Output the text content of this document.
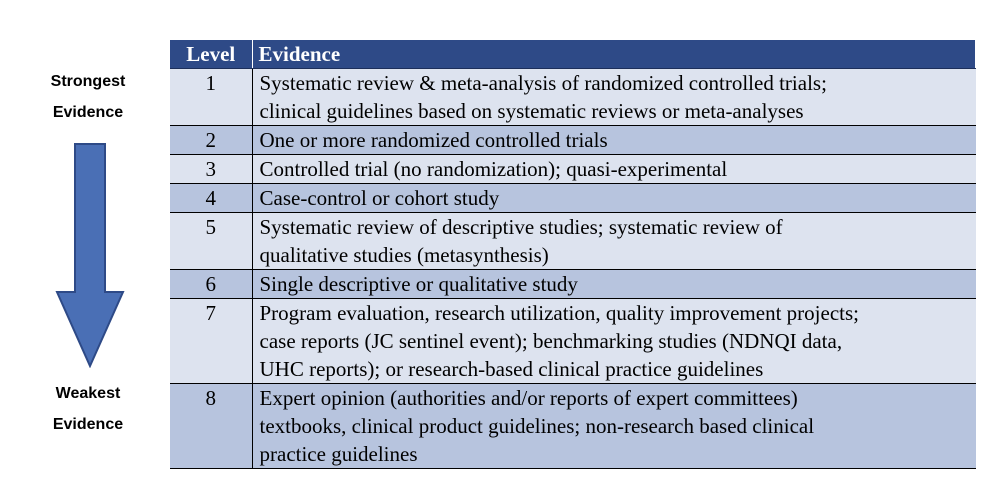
Strongest
Evidence
Weakest
Evidence
Level	Evidence
1	Systematic review & meta-analysis of randomized controlled trials;
clinical guidelines based on systematic reviews or meta-analyses

2	One or more randomized controlled trials

3	Controlled trial (no randomization); quasi-experimental

4	Case-control or cohort study

5	Systematic review of descriptive studies; systematic review of
qualitative studies (metasynthesis)

6	Single descriptive or qualitative study

7	Program evaluation, research utilization, quality improvement projects;
case reports (JC sentinel event); benchmarking studies (NDNQI data,
UHC reports); or research-based clinical practice guidelines

8	Expert opinion (authorities and/or reports of expert committees)
textbooks, clinical product guidelines; non-research based clinical
practice guidelines
